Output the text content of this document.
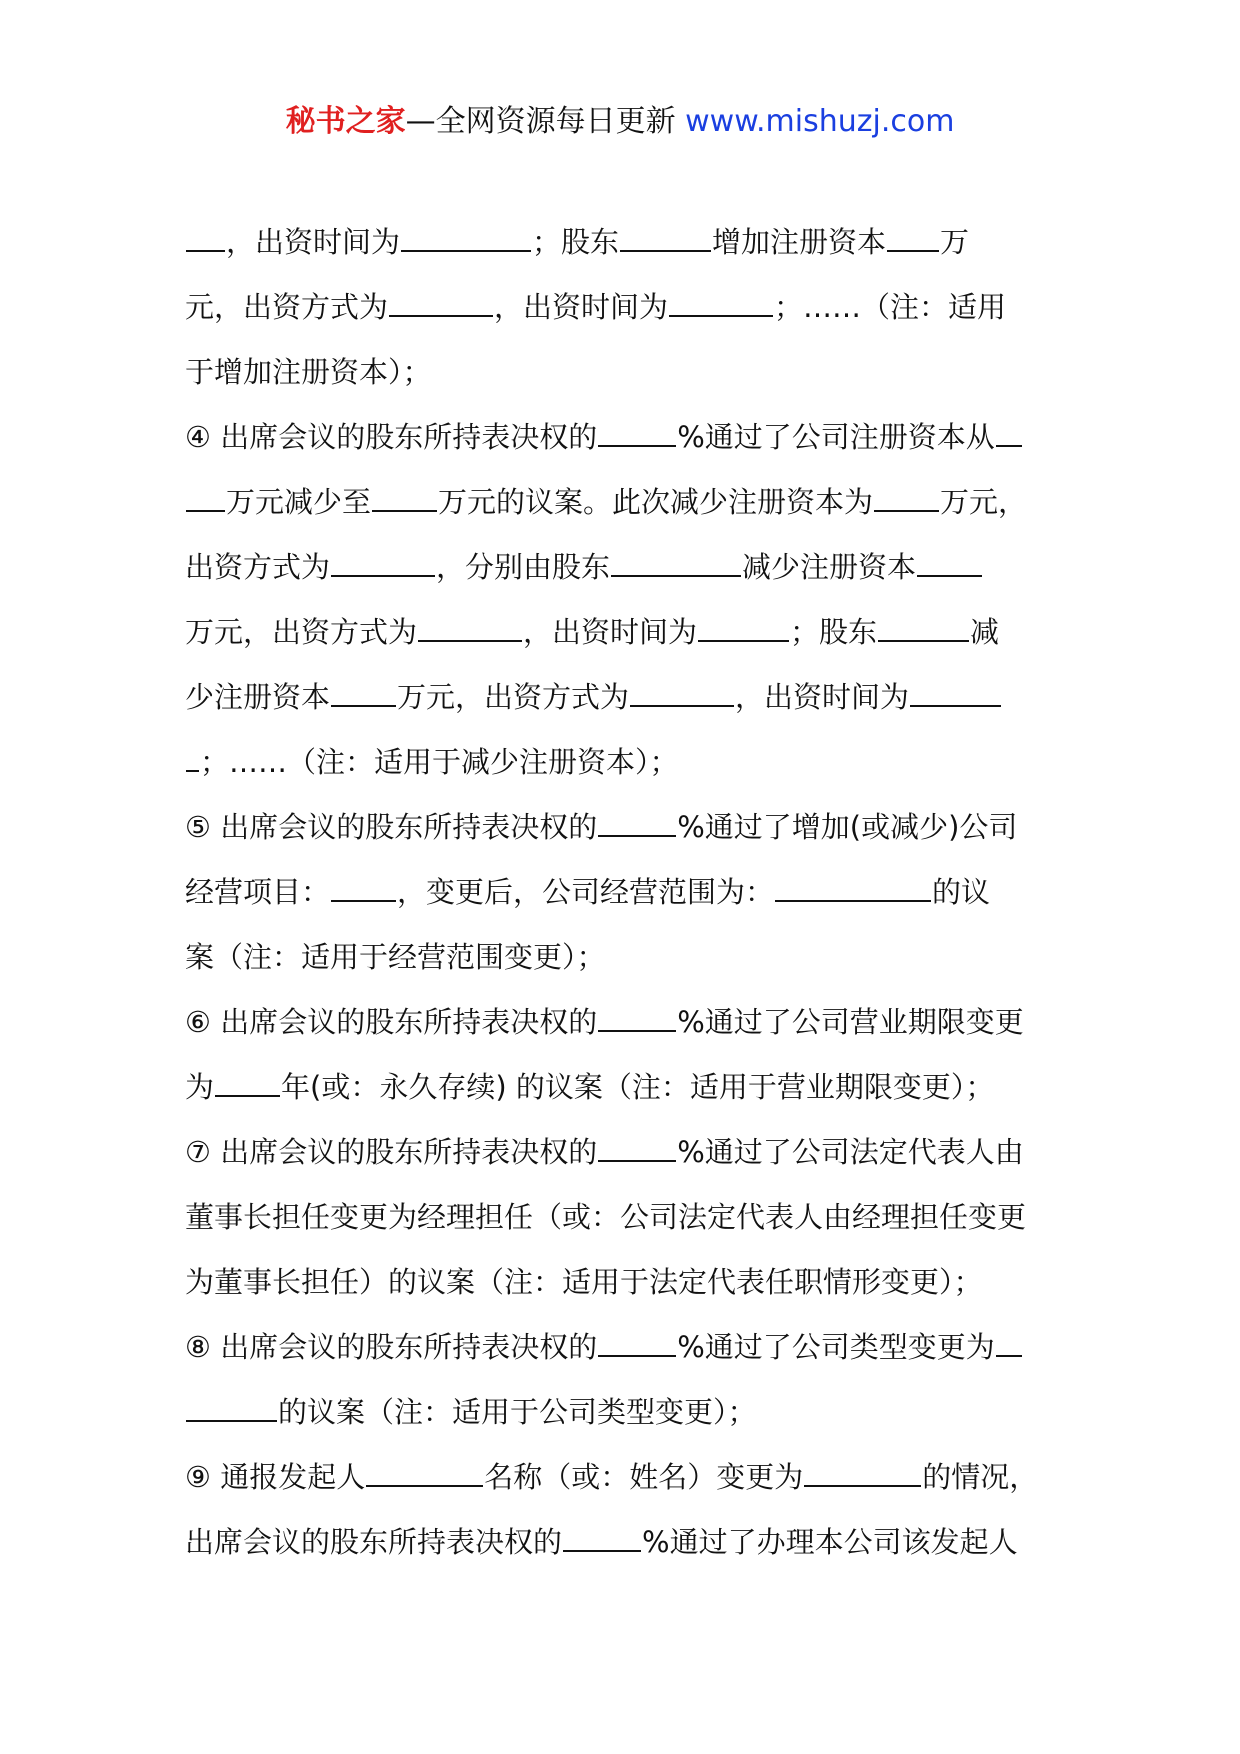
秘书之家—全网资源每日更新 www.mishuzj.com
，出资时间为	；股东	增加注册资本 万
元，出资方式为	，出资时间为	；……（注：适用
于增加注册资本）；
④ 出席会议的股东所持表决权的	%通过了公司注册资本从
万元减少至 万元的议案。此次减少注册资本为 万元，
出资方式为	，分别由股东	减少注册资本
万元，出资方式为	，出资时间为	；股东	减
少注册资本 万元，出资方式为	，出资时间为
；……（注：适用于减少注册资本）；
⑤ 出席会议的股东所持表决权的	%通过了增加(或减少)公司
经营项目： ，变更后，公司经营范围为：	的议
案（注：适用于经营范围变更）；
⑥ 出席会议的股东所持表决权的	%通过了公司营业期限变更
为 年(或：永久存续) 的议案（注：适用于营业期限变更）；
⑦ 出席会议的股东所持表决权的	%通过了公司法定代表人由
董事长担任变更为经理担任（或：公司法定代表人由经理担任变更
为董事长担任）的议案（注：适用于法定代表任职情形变更）；
⑧ 出席会议的股东所持表决权的	%通过了公司类型变更为
的议案（注：适用于公司类型变更）；
⑨ 通报发起人	名称（或：姓名）变更为	的情况，
出席会议的股东所持表决权的	%通过了办理本公司该发起人
